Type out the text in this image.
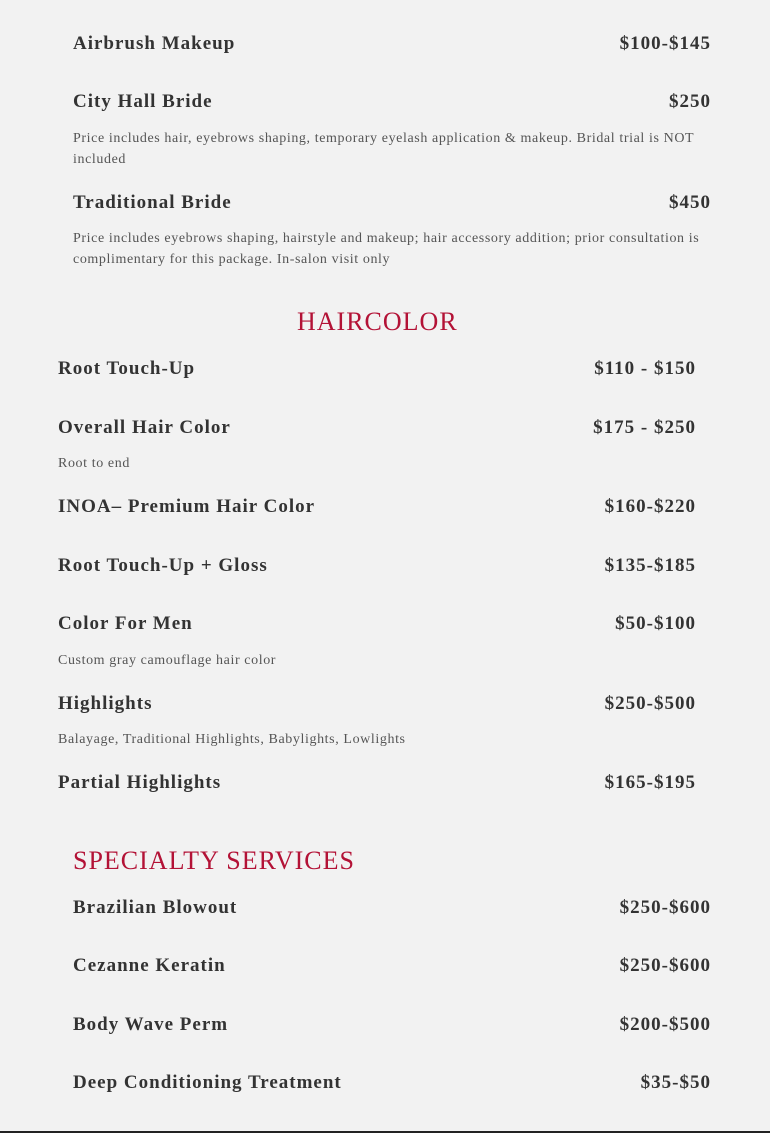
Airbrush Makeup	$100-$145
City Hall Bride	$250
Price includes hair, eyebrows shaping, temporary eyelash application & makeup. Bridal trial is NOT included
Traditional Bride	$450
Price includes eyebrows shaping, hairstyle and makeup; hair accessory addition; prior consultation is complimentary for this package. In-salon visit only
HAIRCOLOR
Root Touch-Up	$110 - $150
Overall Hair Color	$175 - $250
Root to end
INOA– Premium Hair Color	$160-$220
Root Touch-Up + Gloss	$135-$185
Color For Men	$50-$100
Custom gray camouflage hair color
Highlights	$250-$500
Balayage, Traditional Highlights, Babylights, Lowlights
Partial Highlights	$165-$195
SPECIALTY SERVICES
Brazilian Blowout	$250-$600
Cezanne Keratin	$250-$600
Body Wave Perm	$200-$500
Deep Conditioning Treatment	$35-$50
